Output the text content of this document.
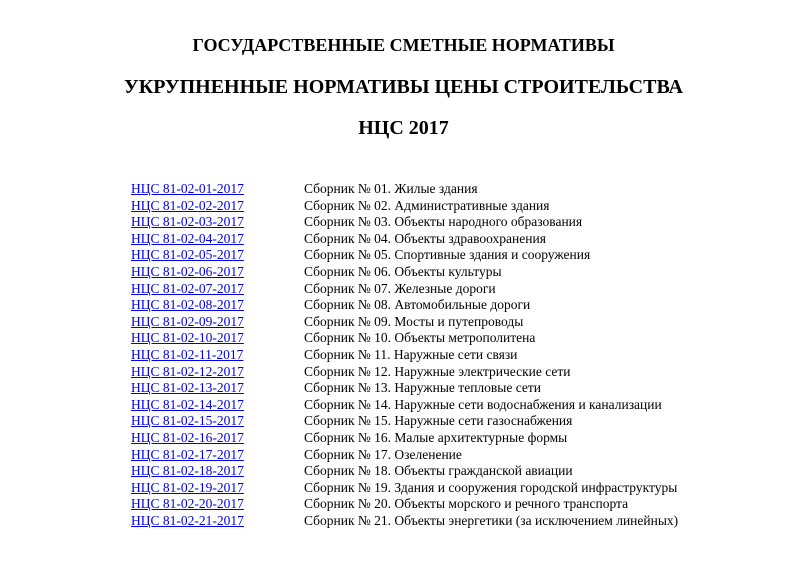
ГОСУДАРСТВЕННЫЕ СМЕТНЫЕ НОРМАТИВЫ
УКРУПНЕННЫЕ НОРМАТИВЫ ЦЕНЫ СТРОИТЕЛЬСТВА
НЦС 2017
НЦС 81-02-01-2017	Сборник № 01. Жилые здания
НЦС 81-02-02-2017	Сборник № 02. Административные здания
НЦС 81-02-03-2017	Сборник № 03. Объекты народного образования
НЦС 81-02-04-2017	Сборник № 04. Объекты здравоохранения
НЦС 81-02-05-2017	Сборник № 05. Спортивные здания и сооружения
НЦС 81-02-06-2017	Сборник № 06. Объекты культуры
НЦС 81-02-07-2017	Сборник № 07. Железные дороги
НЦС 81-02-08-2017	Сборник № 08. Автомобильные дороги
НЦС 81-02-09-2017	Сборник № 09. Мосты и путепроводы
НЦС 81-02-10-2017	Сборник № 10. Объекты метрополитена
НЦС 81-02-11-2017	Сборник № 11. Наружные сети связи
НЦС 81-02-12-2017	Сборник № 12. Наружные электрические сети
НЦС 81-02-13-2017	Сборник № 13. Наружные тепловые сети
НЦС 81-02-14-2017	Сборник № 14. Наружные сети водоснабжения и канализации
НЦС 81-02-15-2017	Сборник № 15. Наружные сети газоснабжения
НЦС 81-02-16-2017	Сборник № 16. Малые архитектурные формы
НЦС 81-02-17-2017	Сборник № 17. Озеленение
НЦС 81-02-18-2017	Сборник № 18. Объекты гражданской авиации
НЦС 81-02-19-2017	Сборник № 19. Здания и сооружения городской инфраструктуры
НЦС 81-02-20-2017	Сборник № 20. Объекты морского и речного транспорта
НЦС 81-02-21-2017	Сборник № 21. Объекты энергетики (за исключением линейных)
